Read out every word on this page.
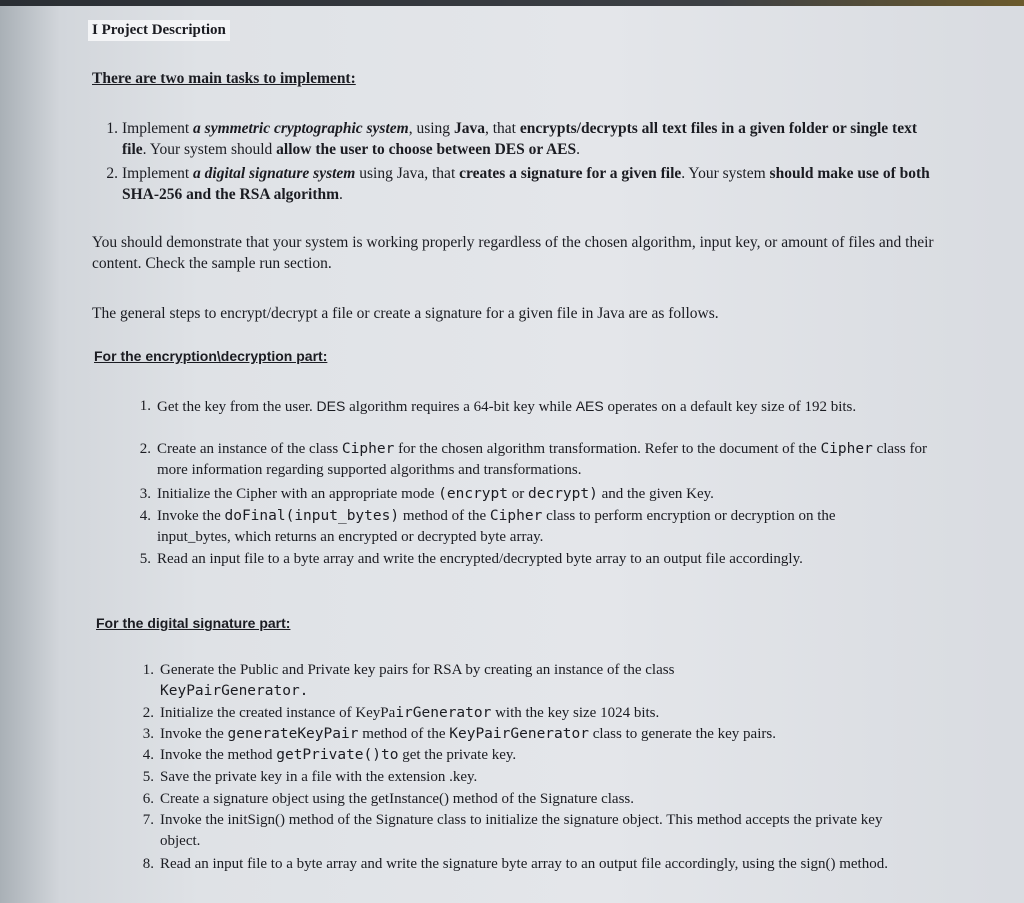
I Project Description
There are two main tasks to implement:
1. Implement a symmetric cryptographic system, using Java, that encrypts/decrypts all text files in a given folder or single text file. Your system should allow the user to choose between DES or AES.
2. Implement a digital signature system using Java, that creates a signature for a given file. Your system should make use of both SHA-256 and the RSA algorithm.
You should demonstrate that your system is working properly regardless of the chosen algorithm, input key, or amount of files and their content. Check the sample run section.
The general steps to encrypt/decrypt a file or create a signature for a given file in Java are as follows.
For the encryption\decryption part:
1. Get the key from the user. DES algorithm requires a 64-bit key while AES operates on a default key size of 192 bits.
2. Create an instance of the class Cipher for the chosen algorithm transformation. Refer to the document of the Cipher class for more information regarding supported algorithms and transformations.
3. Initialize the Cipher with an appropriate mode (encrypt or decrypt) and the given Key.
4. Invoke the doFinal(input_bytes) method of the Cipher class to perform encryption or decryption on the input_bytes, which returns an encrypted or decrypted byte array.
5. Read an input file to a byte array and write the encrypted/decrypted byte array to an output file accordingly.
For the digital signature part:
1. Generate the Public and Private key pairs for RSA by creating an instance of the class KeyPairGenerator.
2. Initialize the created instance of KeyPairGenerator with the key size 1024 bits.
3. Invoke the generateKeyPair method of the KeyPairGenerator class to generate the key pairs.
4. Invoke the method getPrivate()to get the private key.
5. Save the private key in a file with the extension .key.
6. Create a signature object using the getInstance() method of the Signature class.
7. Invoke the initSign() method of the Signature class to initialize the signature object. This method accepts the private key object.
8. Read an input file to a byte array and write the signature byte array to an output file accordingly, using the sign() method.
